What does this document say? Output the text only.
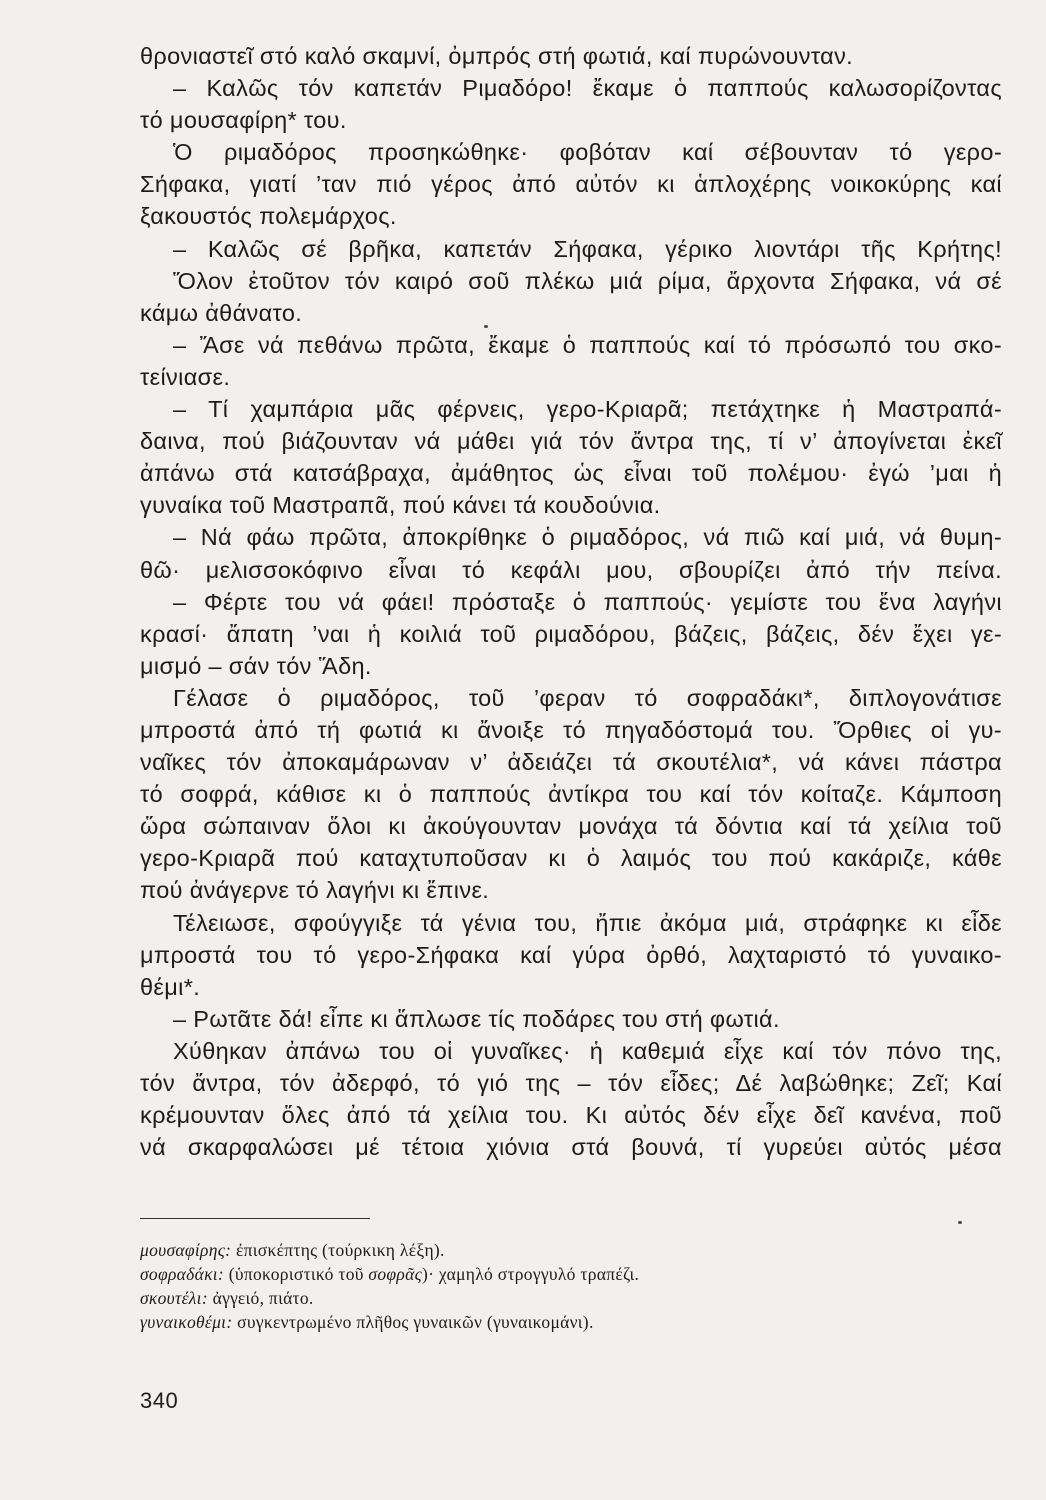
θρονιαστεῖ στό καλό σκαμνί, ὀμπρός στή φωτιά, καί πυρώνουνταν.
– Καλῶς τόν καπετάν Ριμαδόρο! ἔκαμε ὁ παππούς καλωσορίζοντας
τό μουσαφίρη* του.
Ὁ ριμαδόρος προσηκώθηκε· φοβόταν καί σέβουνταν τό γερο-
Σήφακα, γιατί ’ταν πιό γέρος ἀπό αὐτόν κι ἁπλοχέρης νοικοκύρης καί
ξακουστός πολεμάρχος.
– Καλῶς σέ βρῆκα, καπετάν Σήφακα, γέρικο λιοντάρι τῆς Κρήτης!
Ὅλον ἐτοῦτον τόν καιρό σοῦ πλέκω μιά ρίμα, ἄρχοντα Σήφακα, νά σέ
κάμω ἀθάνατο.
– Ἄσε νά πεθάνω πρῶτα, ἔκαμε ὁ παππούς καί τό πρόσωπό του σκο-
τείνιασε.
– Τί χαμπάρια μᾶς φέρνεις, γερο-Κριαρᾶ; πετάχτηκε ἡ Μαστραπά-
δαινα, πού βιάζουνταν νά μάθει γιά τόν ἄντρα της, τί ν’ ἀπογίνεται ἐκεῖ
ἀπάνω στά κατσάβραχα, ἀμάθητος ὡς εἶναι τοῦ πολέμου· ἐγώ ’μαι ἡ
γυναίκα τοῦ Μαστραπᾶ, πού κάνει τά κουδούνια.
– Νά φάω πρῶτα, ἀποκρίθηκε ὁ ριμαδόρος, νά πιῶ καί μιά, νά θυμη-
θῶ· μελισσοκόφινο εἶναι τό κεφάλι μου, σβουρίζει ἀπό τήν πείνα.
– Φέρτε του νά φάει! πρόσταξε ὁ παππούς· γεμίστε του ἕνα λαγήνι
κρασί· ἄπατη ’ναι ἡ κοιλιά τοῦ ριμαδόρου, βάζεις, βάζεις, δέν ἔχει γε-
μισμό – σάν τόν Ἅδη.
Γέλασε ὁ ριμαδόρος, τοῦ ’φεραν τό σοφραδάκι*, διπλογονάτισε
μπροστά ἀπό τή φωτιά κι ἄνοιξε τό πηγαδόστομά του. Ὄρθιες οἱ γυ-
ναῖκες τόν ἀποκαμάρωναν ν’ ἀδειάζει τά σκουτέλια*, νά κάνει πάστρα
τό σοφρά, κάθισε κι ὁ παππούς ἀντίκρα του καί τόν κοίταζε. Κάμποση
ὥρα σώπαιναν ὅλοι κι ἀκούγουνταν μονάχα τά δόντια καί τά χείλια τοῦ
γερο-Κριαρᾶ πού καταχτυποῦσαν κι ὁ λαιμός του πού κακάριζε, κάθε
πού ἀνάγερνε τό λαγήνι κι ἔπινε.
Τέλειωσε, σφούγγιξε τά γένια του, ἤπιε ἀκόμα μιά, στράφηκε κι εἶδε
μπροστά του τό γερο-Σήφακα καί γύρα ὀρθό, λαχταριστό τό γυναικο-
θέμι*.
– Ρωτᾶτε δά! εἶπε κι ἅπλωσε τίς ποδάρες του στή φωτιά.
Χύθηκαν ἀπάνω του οἱ γυναῖκες· ἡ καθεμιά εἶχε καί τόν πόνο της,
τόν ἄντρα, τόν ἀδερφό, τό γιό της – τόν εἶδες; Δέ λαβώθηκε; Ζεῖ; Καί
κρέμουνταν ὅλες ἀπό τά χείλια του. Κι αὐτός δέν εἶχε δεῖ κανένα, ποῦ
νά σκαρφαλώσει μέ τέτοια χιόνια στά βουνά, τί γυρεύει αὐτός μέσα
μουσαφίρης: ἐπισκέπτης (τούρκικη λέξη).
σοφραδάκι: (ὑποκοριστικό τοῦ σοφρᾶς)· χαμηλό στρογγυλό τραπέζι.
σκουτέλι: ἀγγειό, πιάτο.
γυναικοθέμι: συγκεντρωμένο πλῆθος γυναικῶν (γυναικομάνι).
340
